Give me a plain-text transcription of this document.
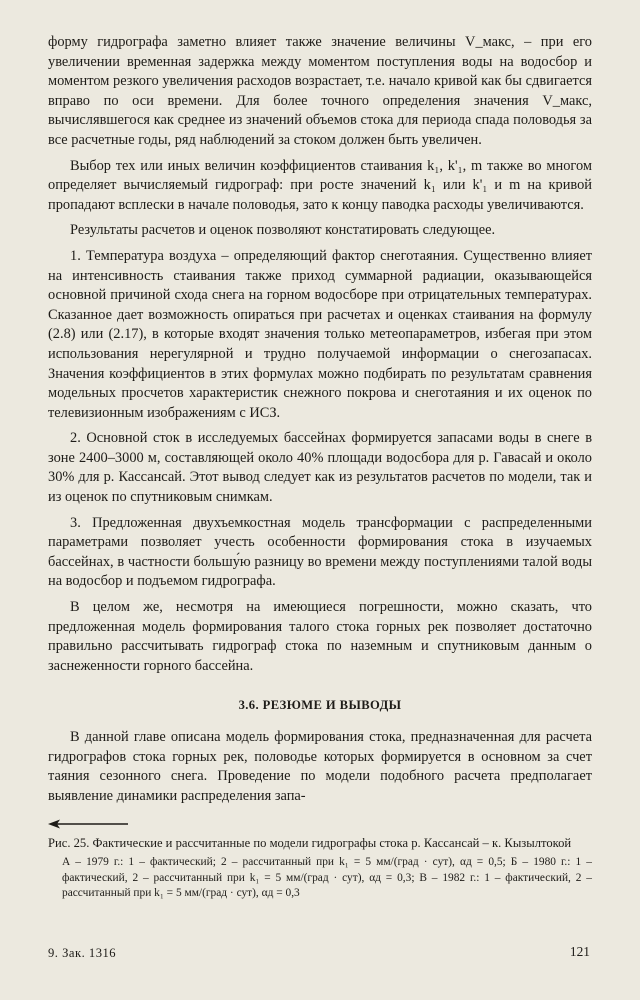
форму гидрографа заметно влияет также значение величины V_макс, – при его увеличении временная задержка между моментом поступления воды на водосбор и моментом резкого увеличения расходов возрастает, т.е. начало кривой как бы сдвигается вправо по оси времени. Для более точного определения значения V_макс, вычислявшегося как среднее из значений объемов стока для периода спада половодья за все расчетные годы, ряд наблюдений за стоком должен быть увеличен.

Выбор тех или иных величин коэффициентов стаивания k₁, k'₁, m также во многом определяет вычисляемый гидрограф: при росте значений k₁ или k'₁ и m на кривой пропадают всплески в начале половодья, зато к концу паводка расходы увеличиваются.

Результаты расчетов и оценок позволяют констатировать следующее.

1. Температура воздуха – определяющий фактор снеготаяния. Существенно влияет на интенсивность стаивания также приход суммарной радиации, оказывающейся основной причиной схода снега на горном водосборе при отрицательных температурах. Сказанное дает возможность опираться при расчетах и оценках стаивания на формулу (2.8) или (2.17), в которые входят значения только метеопараметров, избегая при этом использования нерегулярной и трудно получаемой информации о снегозапасах. Значения коэффициентов в этих формулах можно подбирать по результатам сравнения модельных просчетов характеристик снежного покрова и снеготаяния и их оценок по телевизионным изображениям с ИСЗ.

2. Основной сток в исследуемых бассейнах формируется запасами воды в снеге в зоне 2400–3000 м, составляющей около 40% площади водосбора для р. Гавасай и около 30% для р. Кассансай. Этот вывод следует как из результатов расчетов по модели, так и из оценок по спутниковым снимкам.

3. Предложенная двухъемкостная модель трансформации с распределенными параметрами позволяет учесть особенности формирования стока в изучаемых бассейнах, в частности большу́ю разницу во времени между поступлениями талой воды на водосбор и подъемом гидрографа.

В целом же, несмотря на имеющиеся погрешности, можно сказать, что предложенная модель формирования талого стока горных рек позволяет достаточно правильно рассчитывать гидрограф стока по наземным и спутниковым данным о заснеженности горного бассейна.

3.6. РЕЗЮМЕ И ВЫВОДЫ

В данной главе описана модель формирования стока, предназначенная для расчета гидрографов стока горных рек, половодье которых формируется в основном за счет таяния сезонного снега. Проведение по модели подобного расчета предполагает выявление динамики распределения запа-

Рис. 25. Фактические и рассчитанные по модели гидрографы стока р. Кассансай – к. Кызылтокой

А – 1979 г.: 1 – фактический; 2 – рассчитанный при k₁ = 5 мм/(град · сут), αд = 0,5; Б – 1980 г.: 1 – фактический, 2 – рассчитанный при k₁ = 5 мм/(град · сут), αд = 0,3; В – 1982 г.: 1 – фактический, 2 – рассчитанный при k₁ = 5 мм/(град · сут), αд = 0,3

9. Зак. 1316	121
